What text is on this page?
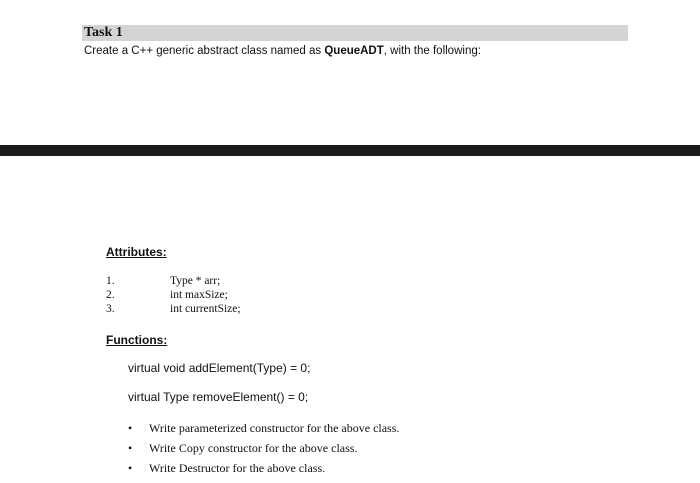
Task 1
Create a C++ generic abstract class named as QueueADT, with the following:
Attributes:
1.	Type * arr;
2.	int maxSize;
3.	int currentSize;
Functions:
virtual void addElement(Type) = 0;
virtual Type removeElement() = 0;
• Write parameterized constructor for the above class.
• Write Copy constructor for the above class.
• Write Destructor for the above class.
